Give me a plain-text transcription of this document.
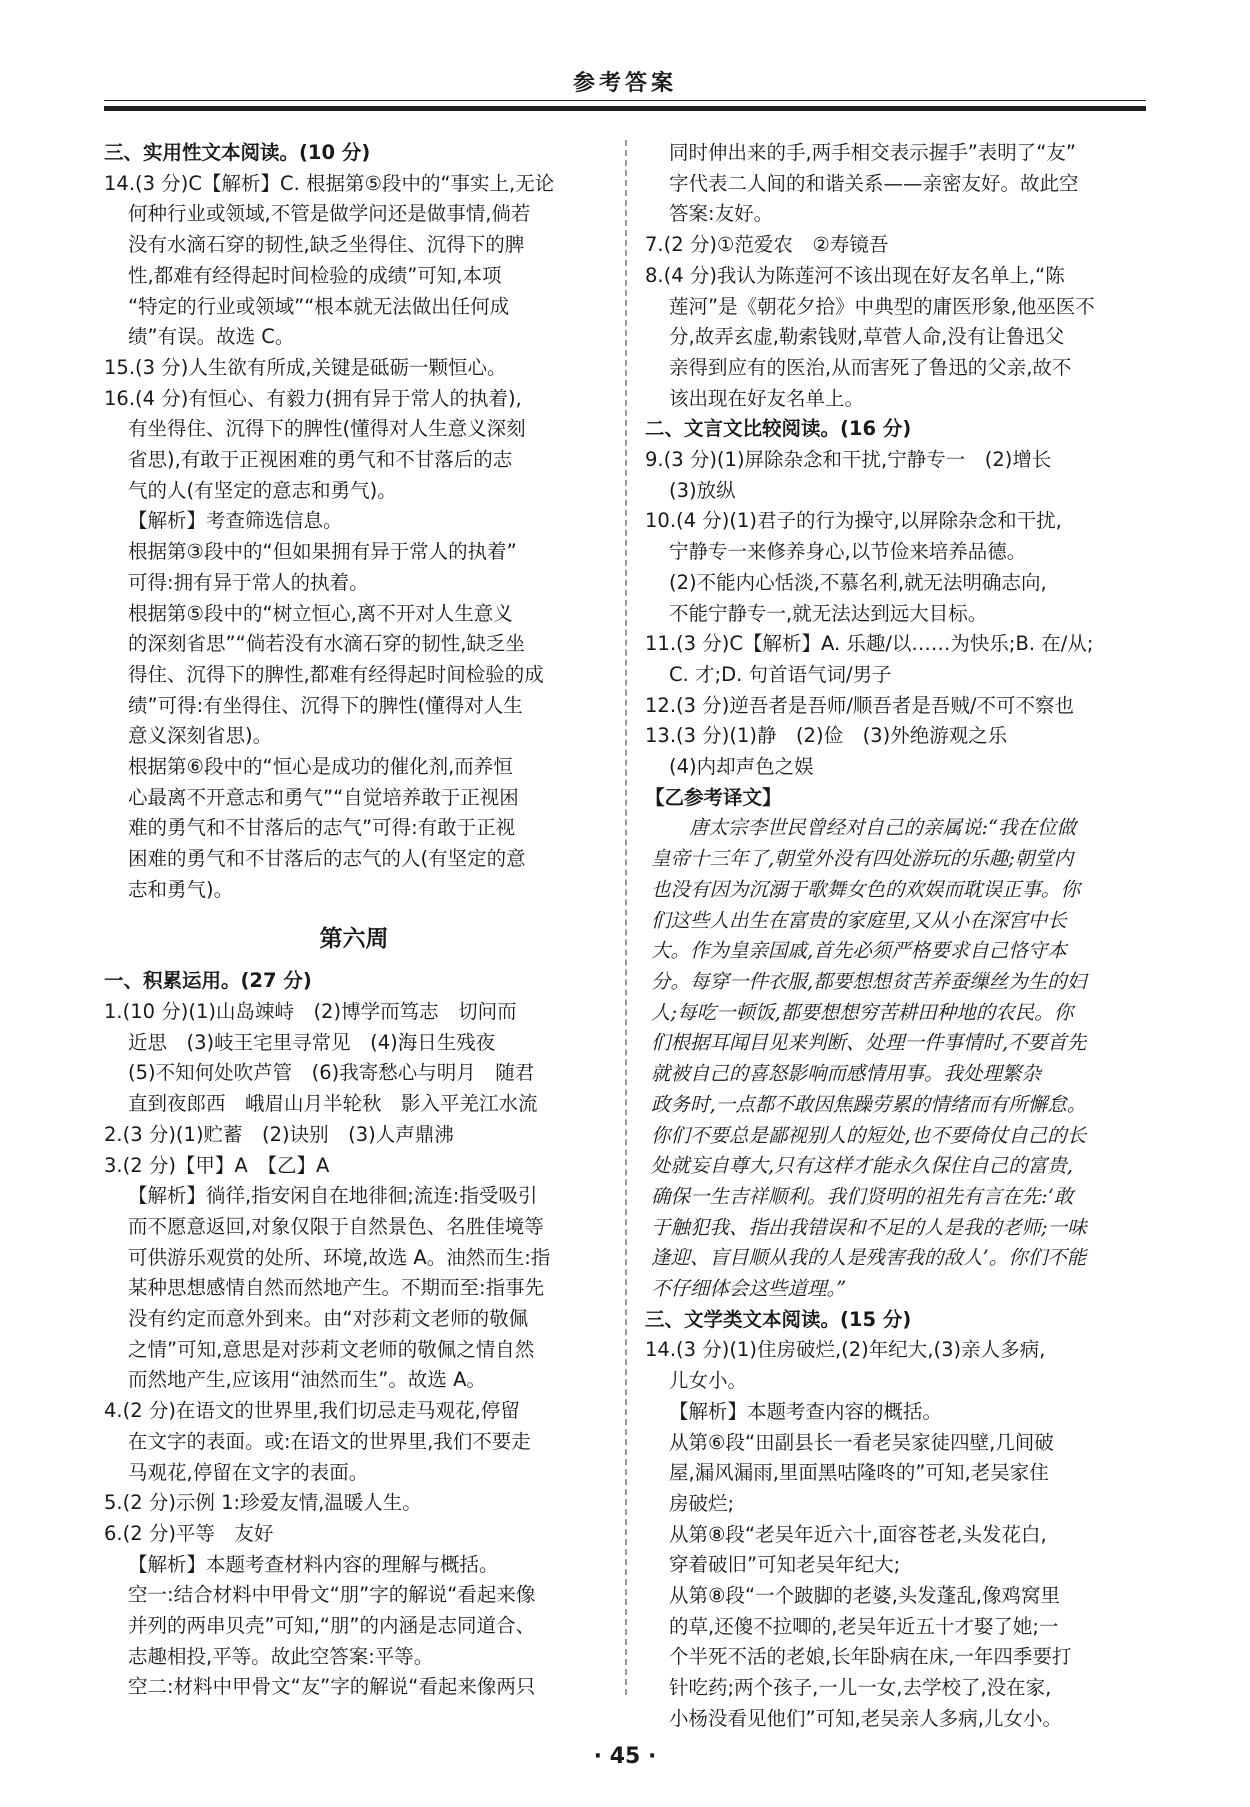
参考答案

三、实用性文本阅读。(10 分)

14.(3 分)C【解析】C. 根据第⑤段中的“事实上,无论

何种行业或领域,不管是做学问还是做事情,倘若

没有水滴石穿的韧性,缺乏坐得住、沉得下的脾

性,都难有经得起时间检验的成绩”可知,本项

“特定的行业或领域”“根本就无法做出任何成

绩”有误。故选 C。

15.(3 分)人生欲有所成,关键是砥砺一颗恒心。

16.(4 分)有恒心、有毅力(拥有异于常人的执着),

有坐得住、沉得下的脾性(懂得对人生意义深刻

省思),有敢于正视困难的勇气和不甘落后的志

气的人(有坚定的意志和勇气)。

【解析】考查筛选信息。

根据第③段中的“但如果拥有异于常人的执着”

可得:拥有异于常人的执着。

根据第⑤段中的“树立恒心,离不开对人生意义

的深刻省思”“倘若没有水滴石穿的韧性,缺乏坐

得住、沉得下的脾性,都难有经得起时间检验的成

绩”可得:有坐得住、沉得下的脾性(懂得对人生

意义深刻省思)。

根据第⑥段中的“恒心是成功的催化剂,而养恒

心最离不开意志和勇气”“自觉培养敢于正视困

难的勇气和不甘落后的志气”可得:有敢于正视

困难的勇气和不甘落后的志气的人(有坚定的意

志和勇气)。

第六周

一、积累运用。(27 分)

1.(10 分)(1)山岛竦峙　(2)博学而笃志　切问而

近思　(3)岐王宅里寻常见　(4)海日生残夜

(5)不知何处吹芦管　(6)我寄愁心与明月　随君

直到夜郎西　峨眉山月半轮秋　影入平羌江水流

2.(3 分)(1)贮蓄　(2)诀别　(3)人声鼎沸

3.(2 分)【甲】A　【乙】A

【解析】徜徉,指安闲自在地徘徊;流连:指受吸引

而不愿意返回,对象仅限于自然景色、名胜佳境等

可供游乐观赏的处所、环境,故选 A。油然而生:指

某种思想感情自然而然地产生。不期而至:指事先

没有约定而意外到来。由“对莎莉文老师的敬佩

之情”可知,意思是对莎莉文老师的敬佩之情自然

而然地产生,应该用“油然而生”。故选 A。

4.(2 分)在语文的世界里,我们切忌走马观花,停留

在文字的表面。或:在语文的世界里,我们不要走

马观花,停留在文字的表面。

5.(2 分)示例 1:珍爱友情,温暖人生。

6.(2 分)平等　友好

【解析】本题考查材料内容的理解与概括。

空一:结合材料中甲骨文“朋”字的解说“看起来像

并列的两串贝壳”可知,“朋”的内涵是志同道合、

志趣相投,平等。故此空答案:平等。

空二:材料中甲骨文“友”字的解说“看起来像两只

同时伸出来的手,两手相交表示握手”表明了“友”

字代表二人间的和谐关系——亲密友好。故此空

答案:友好。

7.(2 分)①范爱农　②寿镜吾

8.(4 分)我认为陈莲河不该出现在好友名单上,“陈

莲河”是《朝花夕拾》中典型的庸医形象,他巫医不

分,故弄玄虚,勒索钱财,草菅人命,没有让鲁迅父

亲得到应有的医治,从而害死了鲁迅的父亲,故不

该出现在好友名单上。

二、文言文比较阅读。(16 分)

9.(3 分)(1)屏除杂念和干扰,宁静专一　(2)增长

(3)放纵

10.(4 分)(1)君子的行为操守,以屏除杂念和干扰,

宁静专一来修养身心,以节俭来培养品德。

(2)不能内心恬淡,不慕名利,就无法明确志向,

不能宁静专一,就无法达到远大目标。

11.(3 分)C【解析】A. 乐趣/以……为快乐;B. 在/从;

C. 才;D. 句首语气词/男子

12.(3 分)逆吾者是吾师/顺吾者是吾贼/不可不察也

13.(3 分)(1)静　(2)俭　(3)外绝游观之乐

(4)内却声色之娱

【乙参考译文】

唐太宗李世民曾经对自己的亲属说:“我在位做

皇帝十三年了,朝堂外没有四处游玩的乐趣;朝堂内

也没有因为沉溺于歌舞女色的欢娱而耽误正事。你

们这些人出生在富贵的家庭里,又从小在深宫中长

大。作为皇亲国戚,首先必须严格要求自己恪守本

分。每穿一件衣服,都要想想贫苦养蚕缫丝为生的妇

人;每吃一顿饭,都要想想穷苦耕田种地的农民。你

们根据耳闻目见来判断、处理一件事情时,不要首先

就被自己的喜怒影响而感情用事。我处理繁杂

政务时,一点都不敢因焦躁劳累的情绪而有所懈怠。

你们不要总是鄙视别人的短处,也不要倚仗自己的长

处就妄自尊大,只有这样才能永久保住自己的富贵,

确保一生吉祥顺利。我们贤明的祖先有言在先:‘敢

于触犯我、指出我错误和不足的人是我的老师;一味

逢迎、盲目顺从我的人是残害我的敌人’。你们不能

不仔细体会这些道理。”

三、文学类文本阅读。(15 分)

14.(3 分)(1)住房破烂,(2)年纪大,(3)亲人多病,

儿女小。

【解析】本题考查内容的概括。

从第⑥段“田副县长一看老吴家徒四壁,几间破

屋,漏风漏雨,里面黑咕隆咚的”可知,老吴家住

房破烂;

从第⑧段“老吴年近六十,面容苍老,头发花白,

穿着破旧”可知老吴年纪大;

从第⑧段“一个跛脚的老婆,头发蓬乱,像鸡窝里

的草,还傻不拉唧的,老吴年近五十才娶了她;一

个半死不活的老娘,长年卧病在床,一年四季要打

针吃药;两个孩子,一儿一女,去学校了,没在家,

小杨没看见他们”可知,老吴亲人多病,儿女小。

· 45 ·
